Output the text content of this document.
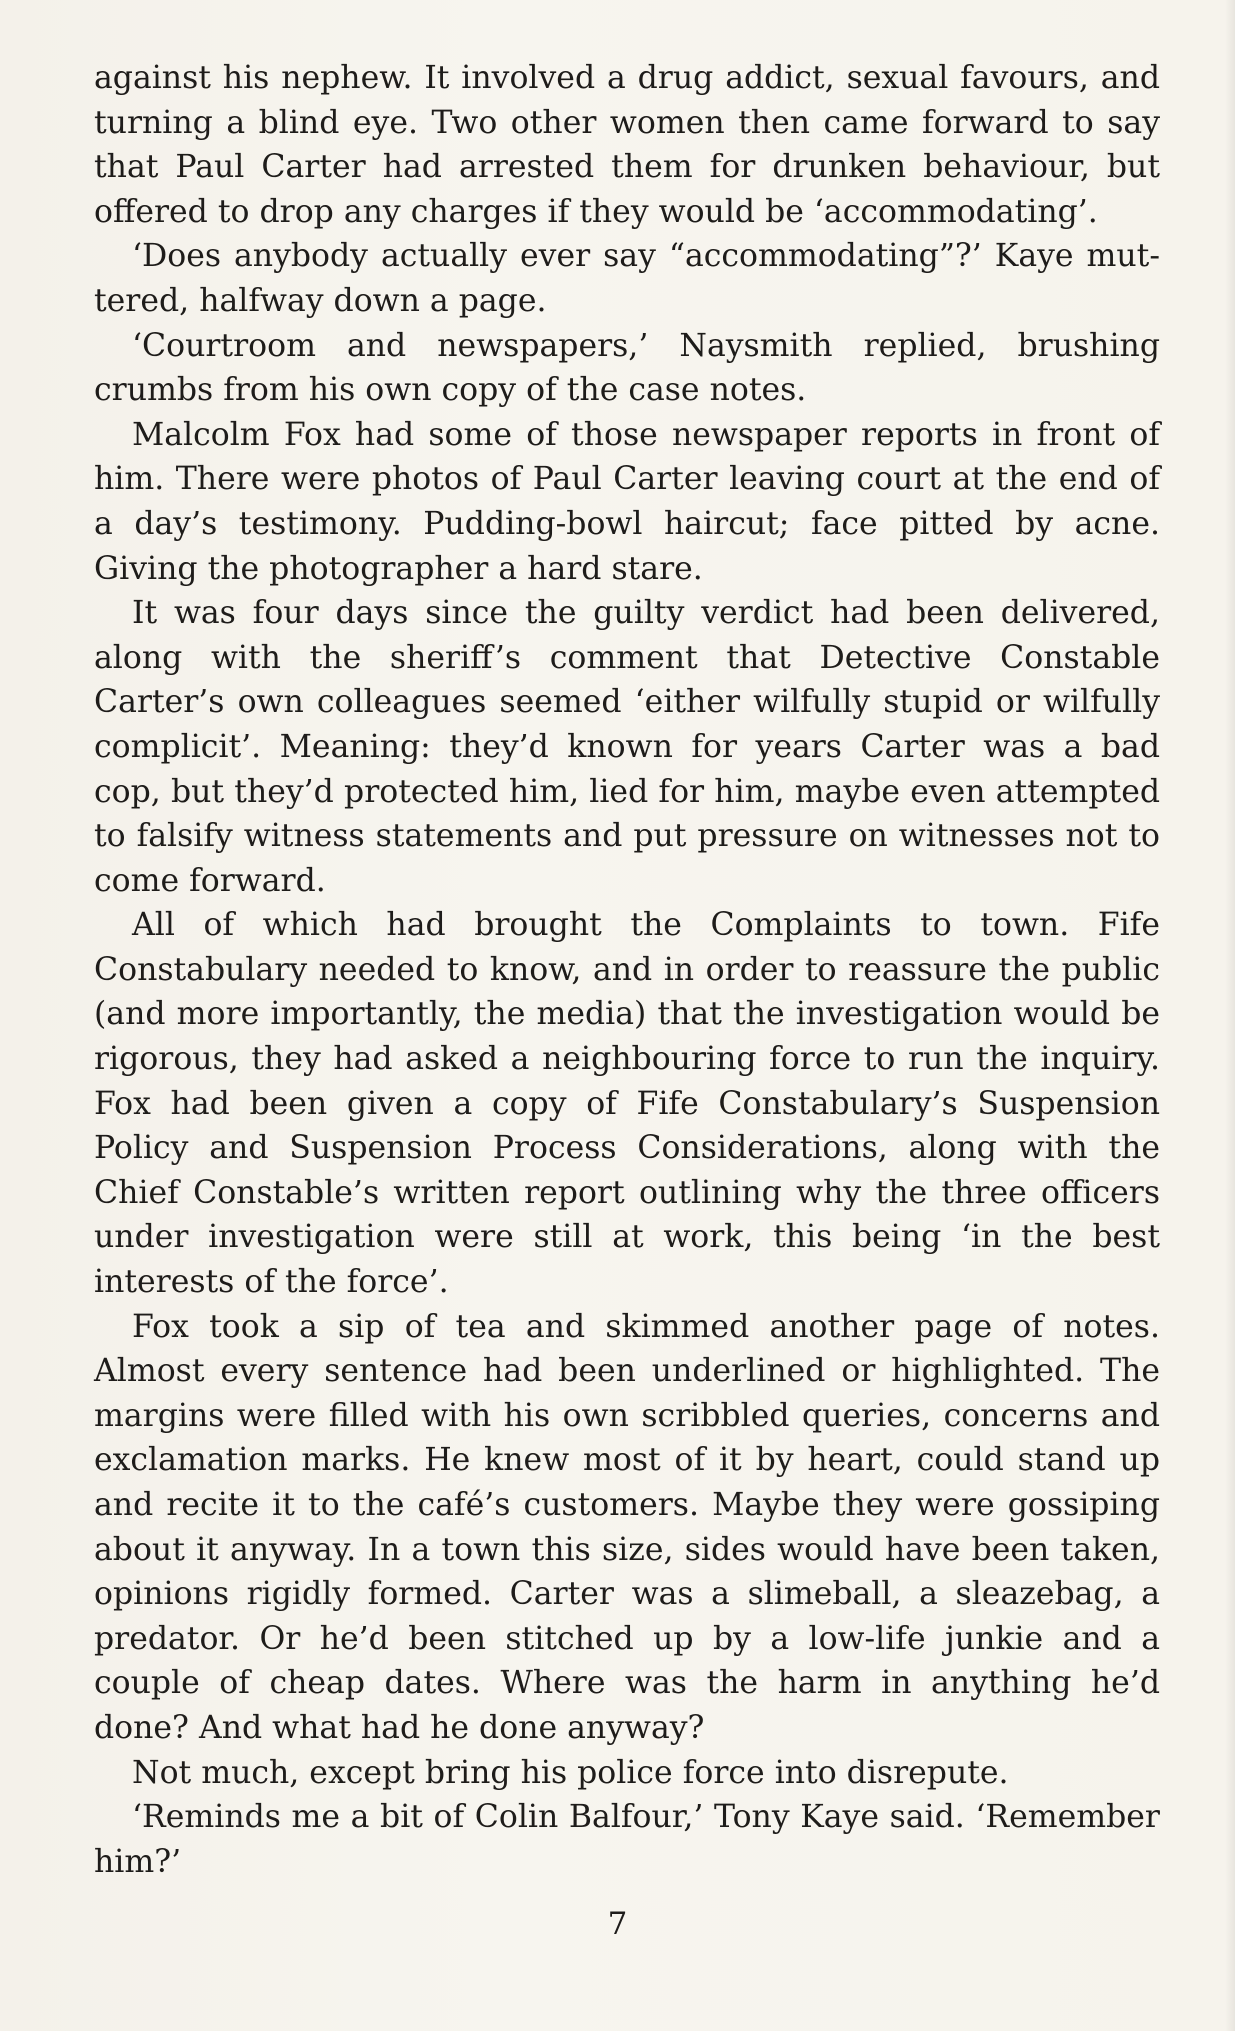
against his nephew. It involved a drug addict, sexual favours, and turning a blind eye. Two other women then came forward to say that Paul Carter had arrested them for drunken behaviour, but offered to drop any charges if they would be ‘accommodating’.

‘Does anybody actually ever say “accommodating”?’ Kaye muttered, halfway down a page.

‘Courtroom and newspapers,’ Naysmith replied, brushing crumbs from his own copy of the case notes.

Malcolm Fox had some of those newspaper reports in front of him. There were photos of Paul Carter leaving court at the end of a day’s testimony. Pudding-bowl haircut; face pitted by acne. Giving the photographer a hard stare.

It was four days since the guilty verdict had been delivered, along with the sheriff’s comment that Detective Constable Carter’s own colleagues seemed ‘either wilfully stupid or wilfully complicit’. Meaning: they’d known for years Carter was a bad cop, but they’d protected him, lied for him, maybe even attempted to falsify witness statements and put pressure on witnesses not to come forward.

All of which had brought the Complaints to town. Fife Constabulary needed to know, and in order to reassure the public (and more importantly, the media) that the investigation would be rigorous, they had asked a neighbouring force to run the inquiry. Fox had been given a copy of Fife Constabulary’s Suspension Policy and Suspension Process Considerations, along with the Chief Constable’s written report outlining why the three officers under investigation were still at work, this being ‘in the best interests of the force’.

Fox took a sip of tea and skimmed another page of notes. Almost every sentence had been underlined or highlighted. The margins were filled with his own scribbled queries, concerns and exclamation marks. He knew most of it by heart, could stand up and recite it to the café’s customers. Maybe they were gossiping about it anyway. In a town this size, sides would have been taken, opinions rigidly formed. Carter was a slimeball, a sleazebag, a predator. Or he’d been stitched up by a low-life junkie and a couple of cheap dates. Where was the harm in anything he’d done? And what had he done anyway?

Not much, except bring his police force into disrepute.

‘Reminds me a bit of Colin Balfour,’ Tony Kaye said. ‘Remember him?’

7
